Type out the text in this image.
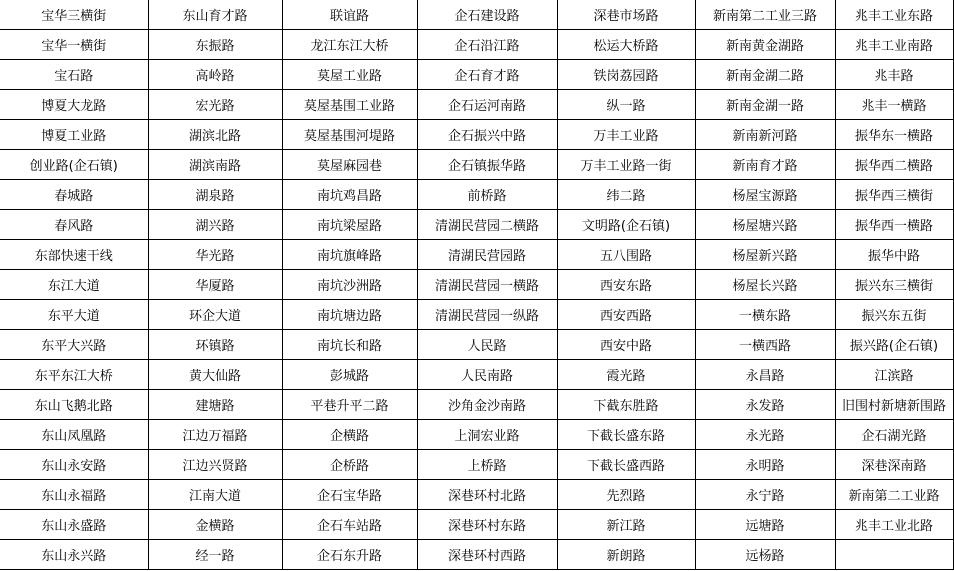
宝华三横街	东山育才路	联谊路	企石建设路	深巷市场路	新南第二工业三路	兆丰工业东路
宝华一横街	东振路	龙江东江大桥	企石沿江路	松运大桥路	新南黄金湖路	兆丰工业南路
宝石路	高岭路	莫屋工业路	企石育才路	铁岗荔园路	新南金湖二路	兆丰路
博夏大龙路	宏光路	莫屋基围工业路	企石运河南路	纵一路	新南金湖一路	兆丰一横路
博夏工业路	湖滨北路	莫屋基围河堤路	企石振兴中路	万丰工业路	新南新河路	振华东一横路
创业路(企石镇)	湖滨南路	莫屋麻园巷	企石镇振华路	万丰工业路一街	新南育才路	振华西二横路
春城路	湖泉路	南坑鸡昌路	前桥路	纬二路	杨屋宝源路	振华西三横街
春风路	湖兴路	南坑梁屋路	清湖民营园二横路	文明路(企石镇)	杨屋塘兴路	振华西一横路
东部快速干线	华光路	南坑旗峰路	清湖民营园路	五八围路	杨屋新兴路	振华中路
东江大道	华厦路	南坑沙洲路	清湖民营园一横路	西安东路	杨屋长兴路	振兴东三横街
东平大道	环企大道	南坑塘边路	清湖民营园一纵路	西安西路	一横东路	振兴东五街
东平大兴路	环镇路	南坑长和路	人民路	西安中路	一横西路	振兴路(企石镇)
东平东江大桥	黄大仙路	彭城路	人民南路	霞光路	永昌路	江滨路
东山飞鹅北路	建塘路	平巷升平二路	沙角金沙南路	下截东胜路	永发路	旧围村新塘新围路
东山凤凰路	江边万福路	企横路	上洞宏业路	下截长盛东路	永光路	企石湖光路
东山永安路	江边兴贤路	企桥路	上桥路	下截长盛西路	永明路	深巷深南路
东山永福路	江南大道	企石宝华路	深巷环村北路	先烈路	永宁路	新南第二工业路
东山永盛路	金横路	企石车站路	深巷环村东路	新江路	远塘路	兆丰工业北路
东山永兴路	经一路	企石东升路	深巷环村西路	新朗路	远杨路	
